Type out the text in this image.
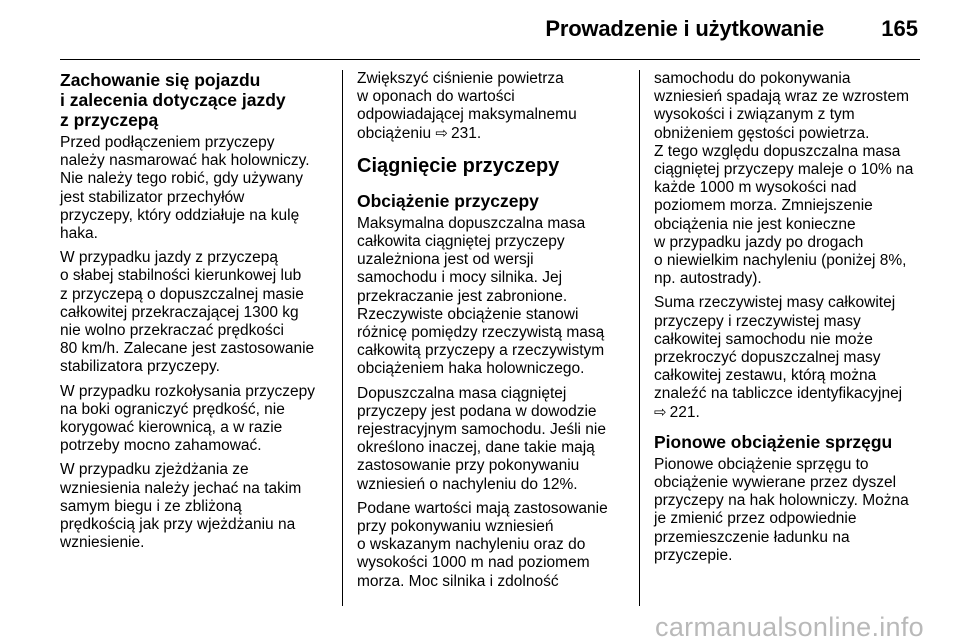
Prowadzenie i użytkowanie	165
Zachowanie się pojazdu
i zalecenia dotyczące jazdy
z przyczepą

Przed podłączeniem przyczepy
należy nasmarować hak holowniczy.
Nie należy tego robić, gdy używany
jest stabilizator przechyłów
przyczepy, który oddziałuje na kulę
haka.

W przypadku jazdy z przyczepą
o słabej stabilności kierunkowej lub
z przyczepą o dopuszczalnej masie
całkowitej przekraczającej 1300 kg
nie wolno przekraczać prędkości
80 km/h. Zalecane jest zastosowanie
stabilizatora przyczepy.

W przypadku rozkołysania przyczepy
na boki ograniczyć prędkość, nie
korygować kierownicą, a w razie
potrzeby mocno zahamować.

W przypadku zjeżdżania ze
wzniesienia należy jechać na takim
samym biegu i ze zbliżoną
prędkością jak przy wjeżdżaniu na
wzniesienie.

Zwiększyć ciśnienie powietrza
w oponach do wartości
odpowiadającej maksymalnemu
obciążeniu ⇨ 231.

Ciągnięcie przyczepy
Obciążenie przyczepy

Maksymalna dopuszczalna masa
całkowita ciągniętej przyczepy
uzależniona jest od wersji
samochodu i mocy silnika. Jej
przekraczanie jest zabronione.
Rzeczywiste obciążenie stanowi
różnicę pomiędzy rzeczywistą masą
całkowitą przyczepy a rzeczywistym
obciążeniem haka holowniczego.

Dopuszczalna masa ciągniętej
przyczepy jest podana w dowodzie
rejestracyjnym samochodu. Jeśli nie
określono inaczej, dane takie mają
zastosowanie przy pokonywaniu
wzniesień o nachyleniu do 12%.

Podane wartości mają zastosowanie
przy pokonywaniu wzniesień
o wskazanym nachyleniu oraz do
wysokości 1000 m nad poziomem
morza. Moc silnika i zdolność

samochodu do pokonywania
wzniesień spadają wraz ze wzrostem
wysokości i związanym z tym
obniżeniem gęstości powietrza.
Z tego względu dopuszczalna masa
ciągniętej przyczepy maleje o 10% na
każde 1000 m wysokości nad
poziomem morza. Zmniejszenie
obciążenia nie jest konieczne
w przypadku jazdy po drogach
o niewielkim nachyleniu (poniżej 8%,
np. autostrady).

Suma rzeczywistej masy całkowitej
przyczepy i rzeczywistej masy
całkowitej samochodu nie może
przekroczyć dopuszczalnej masy
całkowitej zestawu, którą można
znaleźć na tabliczce identyfikacyjnej
⇨ 221.

Pionowe obciążenie sprzęgu

Pionowe obciążenie sprzęgu to
obciążenie wywierane przez dyszel
przyczepy na hak holowniczy. Można
je zmienić przez odpowiednie
przemieszczenie ładunku na
przyczepie.

carmanualsonline.info
